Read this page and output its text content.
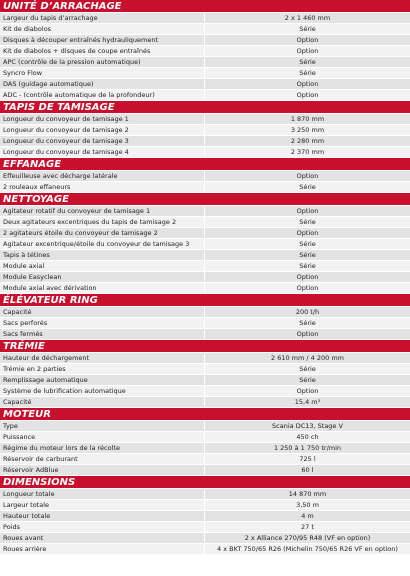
UNITÉ D’ARRACHAGE
Largeur du tapis d’arrachage	2 x 1 460 mm
Kit de diabolos	Série
Disques à découper entraînés hydrauliquement	Option
Kit de diabolos + disques de coupe entraînés	Option
APC (contrôle de la pression automatique)	Série
Syncro Flow	Série
DAS (guidage automatique)	Option
ADC - (contrôle automatique de la profondeur)	Option
TAPIS DE TAMISAGE
Longueur du convoyeur de tamisage 1	1 870 mm
Longueur du convoyeur de tamisage 2	3 250 mm
Longueur du convoyeur de tamisage 3	2 280 mm
Longueur du convoyeur de tamisage 4	2 370 mm
EFFANAGE
Effeuilleuse avec décharge latérale	Option
2 rouleaux effaneurs	Série
NETTOYAGE
Agitateur rotatif du convoyeur de tamisage 1	Option
Deux agitateurs excentriques du tapis de tamisage 2	Série
2 agitateurs étoile du convoyeur de tamisage 2	Option
Agitateur excentrique/étoile du convoyeur de tamisage 3	Série
Tapis à tétines	Série
Module axial	Série
Module Easyclean	Option
Module axial avec dérivation	Option
ÉLÉVATEUR RING
Capacité	200 t/h
Sacs perforés	Série
Sacs fermés	Option
TRÉMIE
Hauteur de déchargement	2 610 mm / 4 200 mm
Trémie en 2 parties	Série
Remplissage automatique	Série
Système de lubrification automatique	Option
Capacité	15,4 m³
MOTEUR
Type	Scania DC13, Stage V
Puissance	450 ch
Régime du moteur lors de la récolte	1 250 à 1 750 tr/min
Réservoir de carburant	725 l
Réservoir AdBlue	60 l
DIMENSIONS
Longueur totale	14 870 mm
Largeur totale	3,50 m
Hauteur totale	4 m
Poids	27 t
Roues avant	2 x Alliance 270/95 R48 (VF en option)
Roues arrière	4 x BKT 750/65 R26 (Michelin 750/65 R26 VF en option)
